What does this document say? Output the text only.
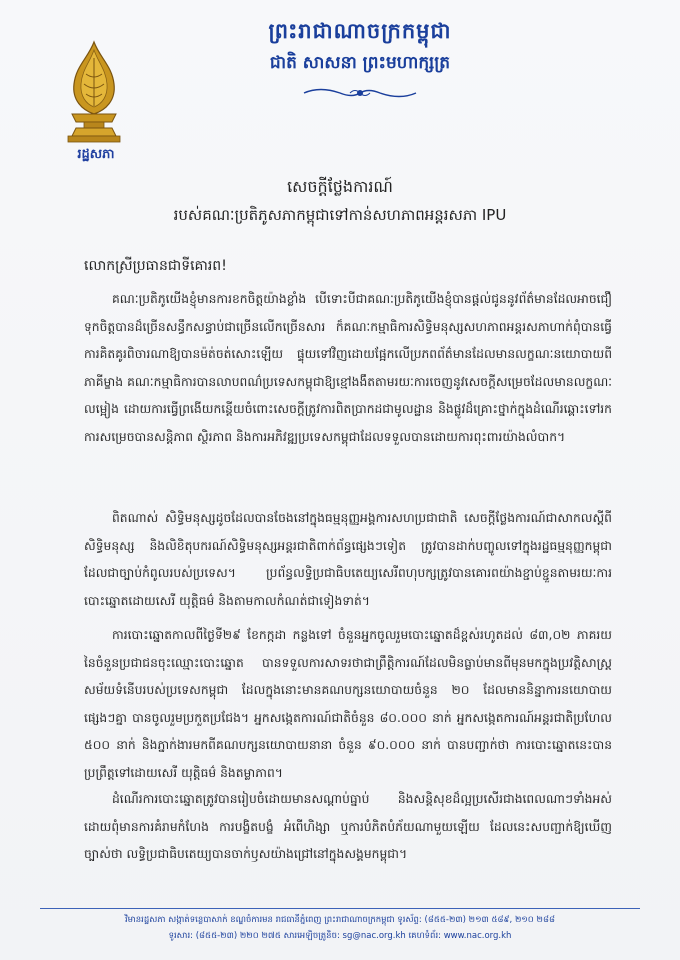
រដ្ឋសភា
ព្រះរាជាណាចក្រកម្ពុជា
ជាតិ សាសនា ព្រះមហាក្សត្រ
សេចក្តីថ្លែងការណ៍
របស់គណៈប្រតិភូសភាកម្ពុជាទៅកាន់សហភាពអន្តរសភា IPU
លោកស្រីប្រធានជាទីគោរព!

គណៈប្រតិភូយើងខ្ញុំមានការខកចិត្តយ៉ាងខ្លាំង បើទោះបីជាគណៈប្រតិភូយើងខ្ញុំបានផ្តល់ជូននូវព័ត៌មានដែលអាចជឿទុកចិត្តបានដ៏ច្រើនសន្ធឹកសន្ធាប់ជាច្រើនលើកច្រើនសារ ក៏គណៈកម្មាធិការសិទ្ធិមនុស្សសហភាពអន្តរសភាហាក់ពុំបានធ្វើការគិតគូរពិចារណាឱ្យបានម៉ត់ចត់សោះឡើយ ផ្ទុយទៅវិញដោយផ្អែកលើប្រភពព័ត៌មានដែលមានលក្ខណៈនយោបាយពីភាគីម្ខាង គណៈកម្មាធិការបានលាបពណ៌ប្រទេសកម្ពុជាឱ្យខ្មៅងងឹតតាមរយៈការចេញនូវសេចក្តីសម្រេចដែលមានលក្ខណៈលម្អៀង ដោយការធ្វើព្រងើយកន្តើយចំពោះសេចក្តីត្រូវការពិតប្រាកដជាមូលដ្ឋាន និងផ្លូវដ៏គ្រោះថ្នាក់ក្នុងដំណើរឆ្ពោះទៅរកការសម្រេចបានសន្តិភាព ស្ថិរភាព និងការអភិវឌ្ឍប្រទេសកម្ពុជាដែលទទួលបានដោយការពុះពារយ៉ាងលំបាក។

ពិតណាស់ សិទ្ធិមនុស្សដូចដែលបានចែងនៅក្នុងធម្មនុញ្ញអង្គការសហប្រជាជាតិ សេចក្តីថ្លែងការណ៍ជាសាកលស្តីពីសិទ្ធិមនុស្ស និងលិខិតុបករណ៍សិទ្ធិមនុស្សអន្តរជាតិពាក់ព័ន្ធផ្សេងៗទៀត ត្រូវបានដាក់បញ្ចូលទៅក្នុងរដ្ឋធម្មនុញ្ញកម្ពុជាដែលជាច្បាប់កំពូលរបស់ប្រទេស។ ប្រព័ន្ធលទ្ធិប្រជាធិបតេយ្យសេរីពហុបក្សត្រូវបានគោរពយ៉ាងខ្ជាប់ខ្ជួនតាមរយៈការបោះឆ្នោតដោយសេរី យុត្តិធម៌ និងតាមកាលកំណត់ជាទៀងទាត់។

ការបោះឆ្នោតកាលពីថ្ងៃទី២៩ ខែកក្កដា កន្លងទៅ ចំនួនអ្នកចូលរួមបោះឆ្នោតដ៏ខ្ពស់រហូតដល់ ៨៣,០២ ភាគរយ នៃចំនួនប្រជាជនចុះឈ្មោះបោះឆ្នោត បានទទួលការសាទរថាជាព្រឹត្តិការណ៍ដែលមិនធ្លាប់មានពីមុនមកក្នុងប្រវត្តិសាស្ត្រសម័យទំនើបរបស់ប្រទេសកម្ពុជា ដែលក្នុងនោះមានគណបក្សនយោបាយចំនួន ២០ ដែលមាននិន្នាការនយោបាយផ្សេងៗគ្នា បានចូលរួមប្រកួតប្រជែង។ អ្នកសង្កេតការណ៍ជាតិចំនួន ៨០.០០០ នាក់ អ្នកសង្កេតការណ៍អន្តរជាតិប្រហែល ៥០០ នាក់ និងភ្នាក់ងារមកពីគណបក្សនយោបាយនានា ចំនួន ៩០.០០០ នាក់ បានបញ្ជាក់ថា ការបោះឆ្នោតនេះបានប្រព្រឹត្តទៅដោយសេរី យុត្តិធម៌ និងតម្លាភាព។

ដំណើរការបោះឆ្នោតត្រូវបានរៀបចំដោយមានសណ្តាប់ធ្នាប់ និងសន្តិសុខដ៏ល្អប្រសើរជាងពេលណាៗទាំងអស់ ដោយពុំមានការគំរាមកំហែង ការបង្ខិតបង្ខំ អំពើហិង្សា ឬការបំភិតបំភ័យណាមួយឡើយ ដែលនេះសបញ្ជាក់ឱ្យឃើញច្បាស់ថា លទ្ធិប្រជាធិបតេយ្យបានចាក់ឫសយ៉ាងជ្រៅនៅក្នុងសង្គមកម្ពុជា។

វិមានរដ្ឋសភា សង្កាត់ទន្លេបាសាក់ ខណ្ឌចំការមន រាជធានីភ្នំពេញ ព្រះរាជាណាចក្រកម្ពុជា ទូរស័ព្ទ: (៨៥៥-២៣) ២១៣ ៥៨៩, ២១០ ២៨៨
ទូរសារ: (៨៥៥-២៣) ២២០ ២៧៥ សារអេឡិចត្រូនិច: sg@nac.org.kh គេហទំព័រ: www.nac.org.kh
